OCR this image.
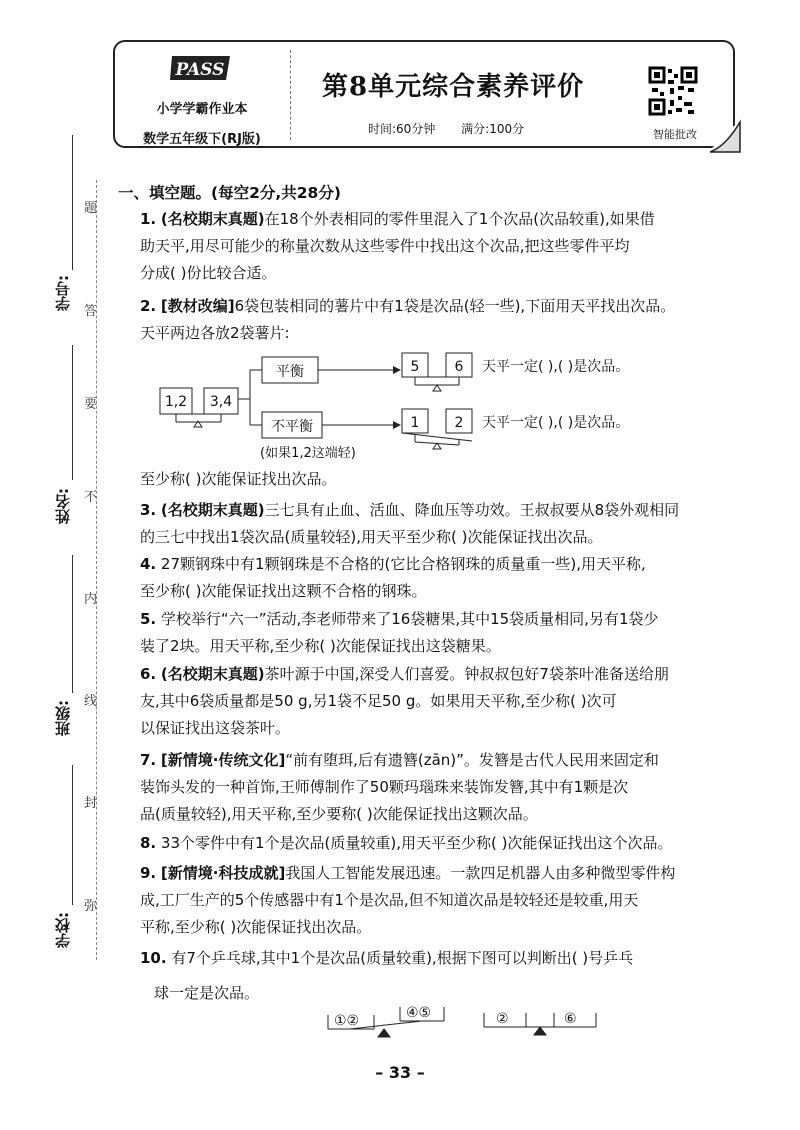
PASS
小学学霸作业本
数学五年级下(RJ版)
第8单元综合素养评价
时间:60分钟 满分:100分	智能批改
学号:
姓名:
班级:
学校:
题
答
要
不
内
线
封
弥
一、填空题。(每空2分,共28分)

1. (名校期末真题)在18个外表相同的零件里混入了1个次品(次品较重),如果借

助天平,用尽可能少的称量次数从这些零件中找出这个次品,把这些零件平均

分成( )份比较合适。

2. [教材改编]6袋包装相同的薯片中有1袋是次品(轻一些),下面用天平找出次品。

天平两边各放2袋薯片:

1,2 3,4
平衡
不平衡
(如果1,2这端轻)
5	6 天平一定( ),( )是次品。
1	2 天平一定( ),( )是次品。

至少称( )次能保证找出次品。

3. (名校期末真题)三七具有止血、活血、降血压等功效。王叔叔要从8袋外观相同

的三七中找出1袋次品(质量较轻),用天平至少称( )次能保证找出次品。

4. 27颗钢珠中有1颗钢珠是不合格的(它比合格钢珠的质量重一些),用天平称,

至少称( )次能保证找出这颗不合格的钢珠。

5. 学校举行“六一”活动,李老师带来了16袋糖果,其中15袋质量相同,另有1袋少

装了2块。用天平称,至少称( )次能保证找出这袋糖果。

6. (名校期末真题)茶叶源于中国,深受人们喜爱。钟叔叔包好7袋茶叶准备送给朋

友,其中6袋质量都是50 g,另1袋不足50 g。如果用天平称,至少称( )次可

以保证找出这袋茶叶。

7. [新情境·传统文化]“前有堕珥,后有遗簪(zān)”。发簪是古代人民用来固定和

装饰头发的一种首饰,王师傅制作了50颗玛瑙珠来装饰发簪,其中有1颗是次

品(质量较轻),用天平称,至少要称( )次能保证找出这颗次品。

8. 33个零件中有1个是次品(质量较重),用天平至少称( )次能保证找出这个次品。

9. [新情境·科技成就]我国人工智能发展迅速。一款四足机器人由多种微型零件构

成,工厂生产的5个传感器中有1个是次品,但不知道次品是较轻还是较重,用天

平称,至少称( )次能保证找出次品。

10. 有7个乒乓球,其中1个是次品(质量较重),根据下图可以判断出( )号乒乓

球一定是次品。

①②	④⑤	②	⑥
– 33 –
